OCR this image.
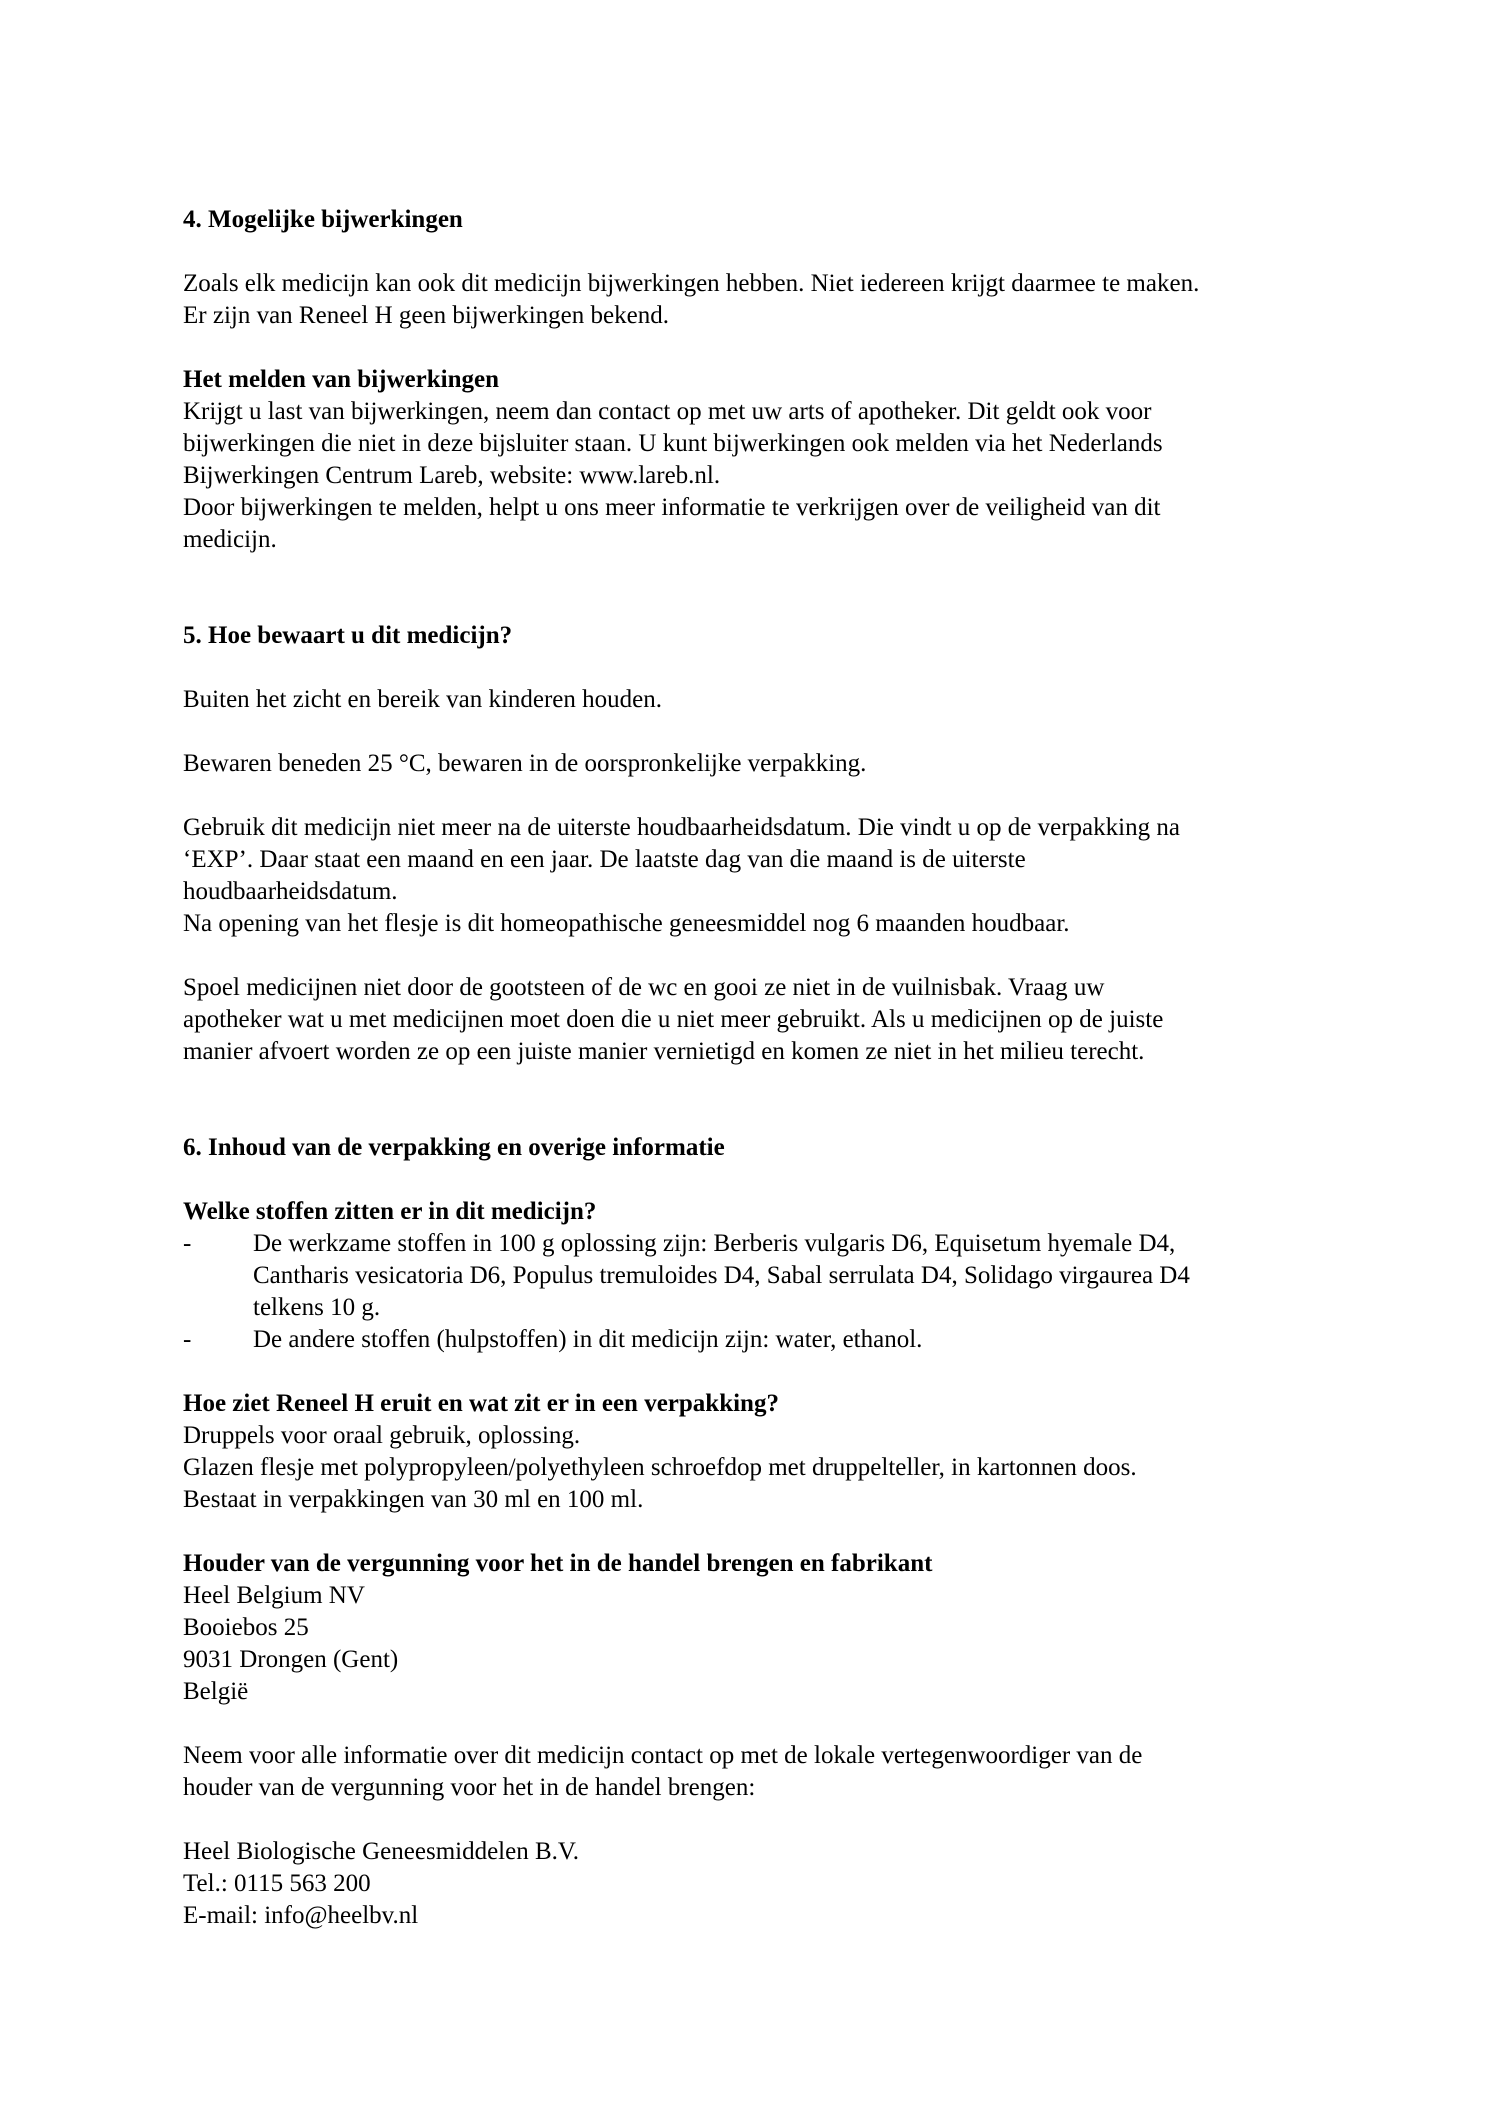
4. Mogelijke bijwerkingen
Zoals elk medicijn kan ook dit medicijn bijwerkingen hebben. Niet iedereen krijgt daarmee te maken.
Er zijn van Reneel H geen bijwerkingen bekend.
Het melden van bijwerkingen
Krijgt u last van bijwerkingen, neem dan contact op met uw arts of apotheker. Dit geldt ook voor
bijwerkingen die niet in deze bijsluiter staan. U kunt bijwerkingen ook melden via het Nederlands
Bijwerkingen Centrum Lareb, website: www.lareb.nl.
Door bijwerkingen te melden, helpt u ons meer informatie te verkrijgen over de veiligheid van dit
medicijn.
5. Hoe bewaart u dit medicijn?
Buiten het zicht en bereik van kinderen houden.
Bewaren beneden 25 °C, bewaren in de oorspronkelijke verpakking.
Gebruik dit medicijn niet meer na de uiterste houdbaarheidsdatum. Die vindt u op de verpakking na
‘EXP’. Daar staat een maand en een jaar. De laatste dag van die maand is de uiterste
houdbaarheidsdatum.
Na opening van het flesje is dit homeopathische geneesmiddel nog 6 maanden houdbaar.
Spoel medicijnen niet door de gootsteen of de wc en gooi ze niet in de vuilnisbak. Vraag uw
apotheker wat u met medicijnen moet doen die u niet meer gebruikt. Als u medicijnen op de juiste
manier afvoert worden ze op een juiste manier vernietigd en komen ze niet in het milieu terecht.
6. Inhoud van de verpakking en overige informatie
Welke stoffen zitten er in dit medicijn?
-	De werkzame stoffen in 100 g oplossing zijn: Berberis vulgaris D6, Equisetum hyemale D4,
Cantharis vesicatoria D6, Populus tremuloides D4, Sabal serrulata D4, Solidago virgaurea D4
telkens 10 g.
-	De andere stoffen (hulpstoffen) in dit medicijn zijn: water, ethanol.
Hoe ziet Reneel H eruit en wat zit er in een verpakking?
Druppels voor oraal gebruik, oplossing.
Glazen flesje met polypropyleen/polyethyleen schroefdop met druppelteller, in kartonnen doos.
Bestaat in verpakkingen van 30 ml en 100 ml.
Houder van de vergunning voor het in de handel brengen en fabrikant
Heel Belgium NV
Booiebos 25
9031 Drongen (Gent)
België
Neem voor alle informatie over dit medicijn contact op met de lokale vertegenwoordiger van de
houder van de vergunning voor het in de handel brengen:
Heel Biologische Geneesmiddelen B.V.
Tel.: 0115 563 200
E-mail: info@heelbv.nl
